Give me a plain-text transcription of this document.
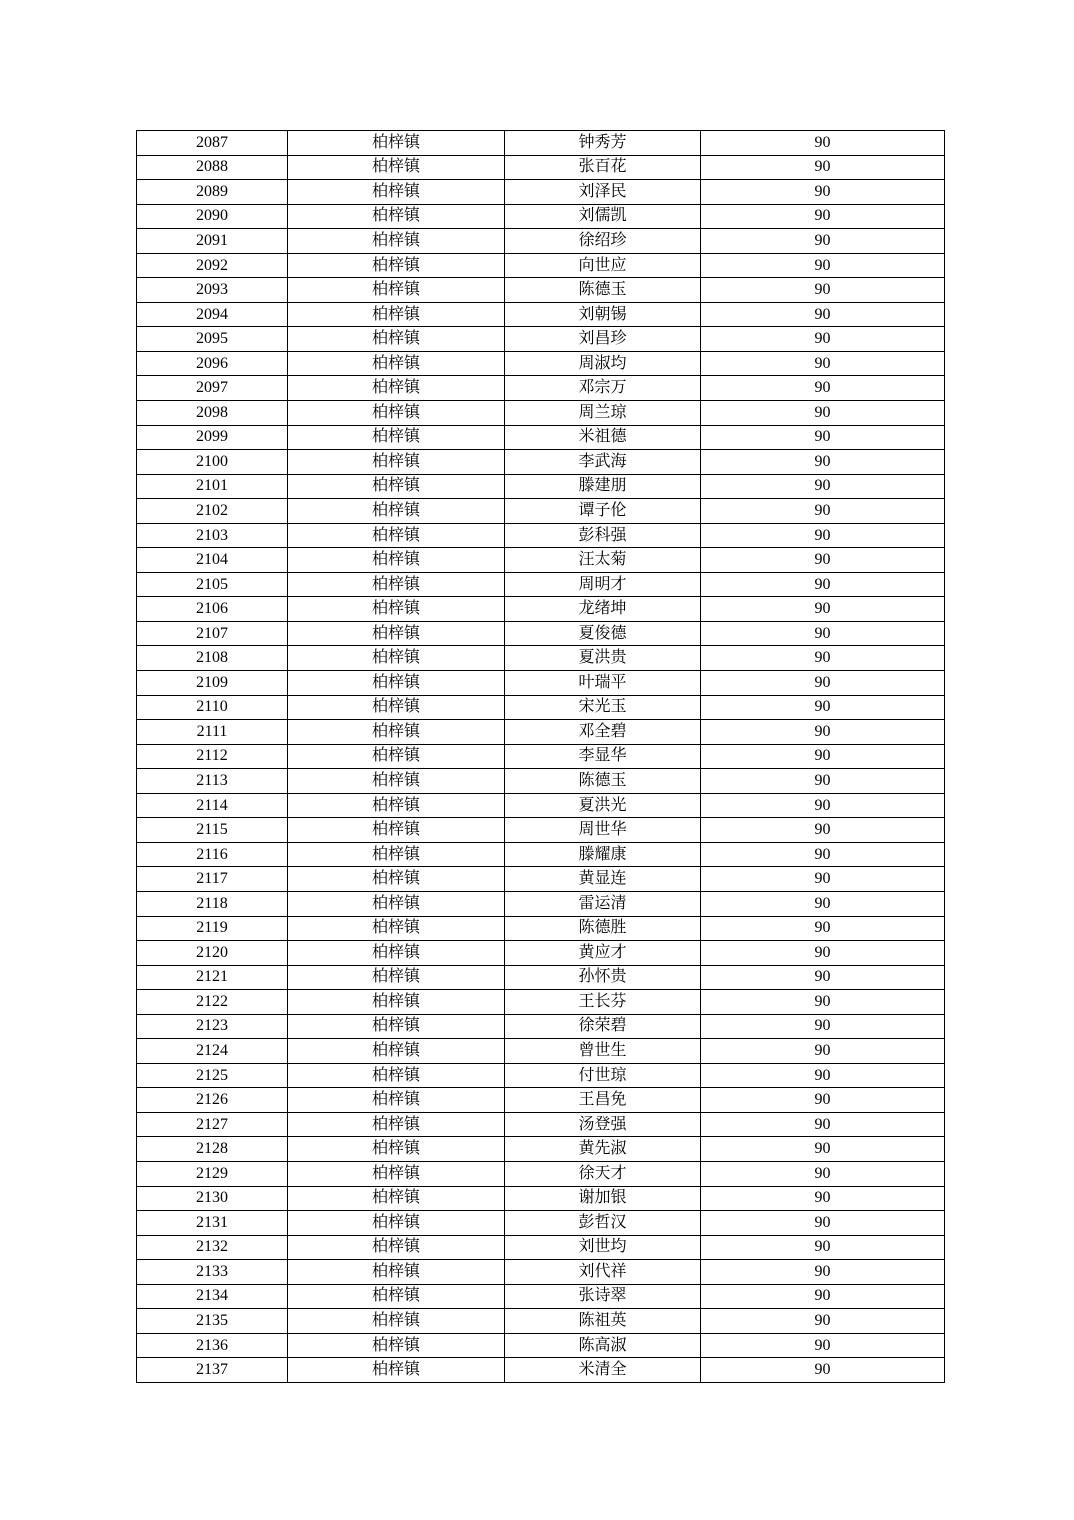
2087	柏梓镇	钟秀芳	90
2088	柏梓镇	张百花	90
2089	柏梓镇	刘泽民	90
2090	柏梓镇	刘儒凯	90
2091	柏梓镇	徐绍珍	90
2092	柏梓镇	向世应	90
2093	柏梓镇	陈德玉	90
2094	柏梓镇	刘朝锡	90
2095	柏梓镇	刘昌珍	90
2096	柏梓镇	周淑均	90
2097	柏梓镇	邓宗万	90
2098	柏梓镇	周兰琼	90
2099	柏梓镇	米祖德	90
2100	柏梓镇	李武海	90
2101	柏梓镇	滕建朋	90
2102	柏梓镇	谭子伦	90
2103	柏梓镇	彭科强	90
2104	柏梓镇	汪太菊	90
2105	柏梓镇	周明才	90
2106	柏梓镇	龙绪坤	90
2107	柏梓镇	夏俊德	90
2108	柏梓镇	夏洪贵	90
2109	柏梓镇	叶瑞平	90
2110	柏梓镇	宋光玉	90
2111	柏梓镇	邓全碧	90
2112	柏梓镇	李显华	90
2113	柏梓镇	陈德玉	90
2114	柏梓镇	夏洪光	90
2115	柏梓镇	周世华	90
2116	柏梓镇	滕耀康	90
2117	柏梓镇	黄显连	90
2118	柏梓镇	雷运清	90
2119	柏梓镇	陈德胜	90
2120	柏梓镇	黄应才	90
2121	柏梓镇	孙怀贵	90
2122	柏梓镇	王长芬	90
2123	柏梓镇	徐荣碧	90
2124	柏梓镇	曾世生	90
2125	柏梓镇	付世琼	90
2126	柏梓镇	王昌免	90
2127	柏梓镇	汤登强	90
2128	柏梓镇	黄先淑	90
2129	柏梓镇	徐天才	90
2130	柏梓镇	谢加银	90
2131	柏梓镇	彭哲汉	90
2132	柏梓镇	刘世均	90
2133	柏梓镇	刘代祥	90
2134	柏梓镇	张诗翠	90
2135	柏梓镇	陈祖英	90
2136	柏梓镇	陈高淑	90
2137	柏梓镇	米清全	90
